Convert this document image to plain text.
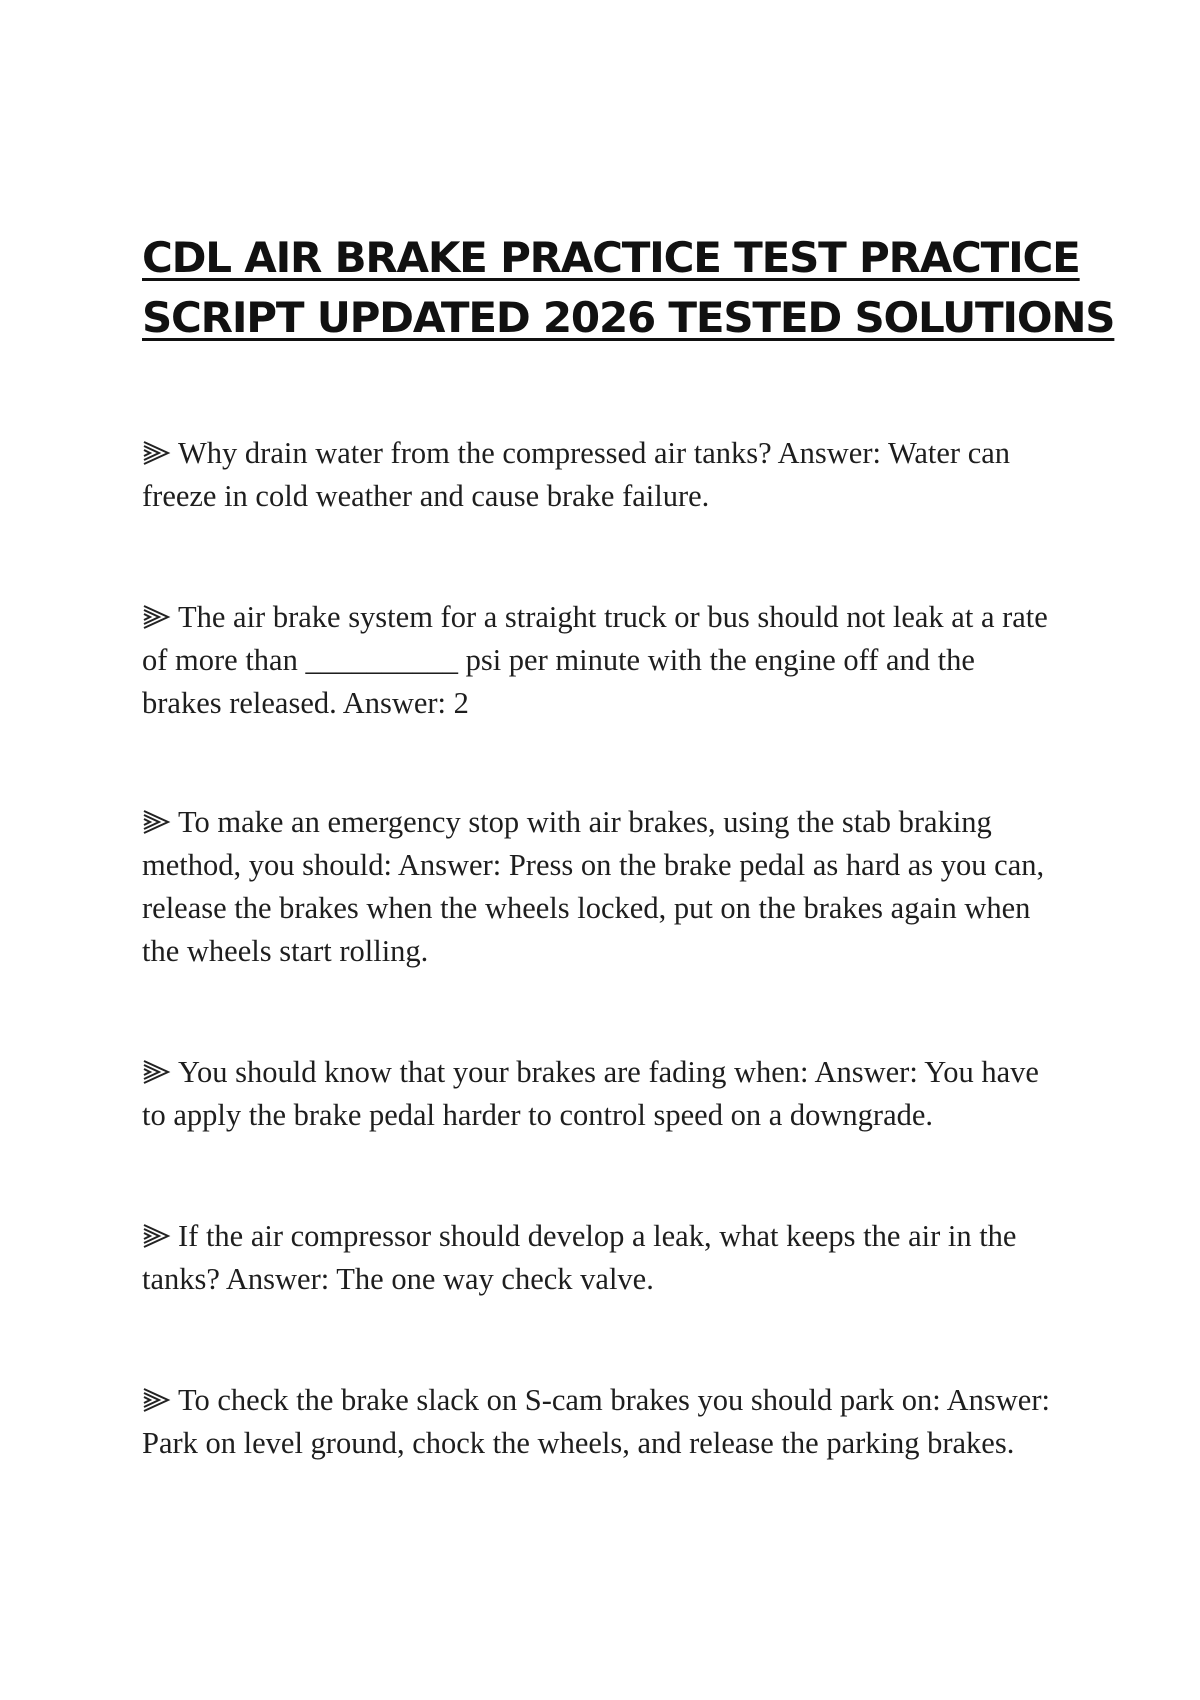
CDL AIR BRAKE PRACTICE TEST PRACTICE
SCRIPT UPDATED 2026 TESTED SOLUTIONS

Why drain water from the compressed air tanks? Answer: Water can freeze in cold weather and cause brake failure.

The air brake system for a straight truck or bus should not leak at a rate of more than __________ psi per minute with the engine off and the brakes released. Answer: 2

To make an emergency stop with air brakes, using the stab braking method, you should: Answer: Press on the brake pedal as hard as you can, release the brakes when the wheels locked, put on the brakes again when the wheels start rolling.

You should know that your brakes are fading when: Answer: You have to apply the brake pedal harder to control speed on a downgrade.

If the air compressor should develop a leak, what keeps the air in the tanks? Answer: The one way check valve.

To check the brake slack on S-cam brakes you should park on: Answer: Park on level ground, chock the wheels, and release the parking brakes.
